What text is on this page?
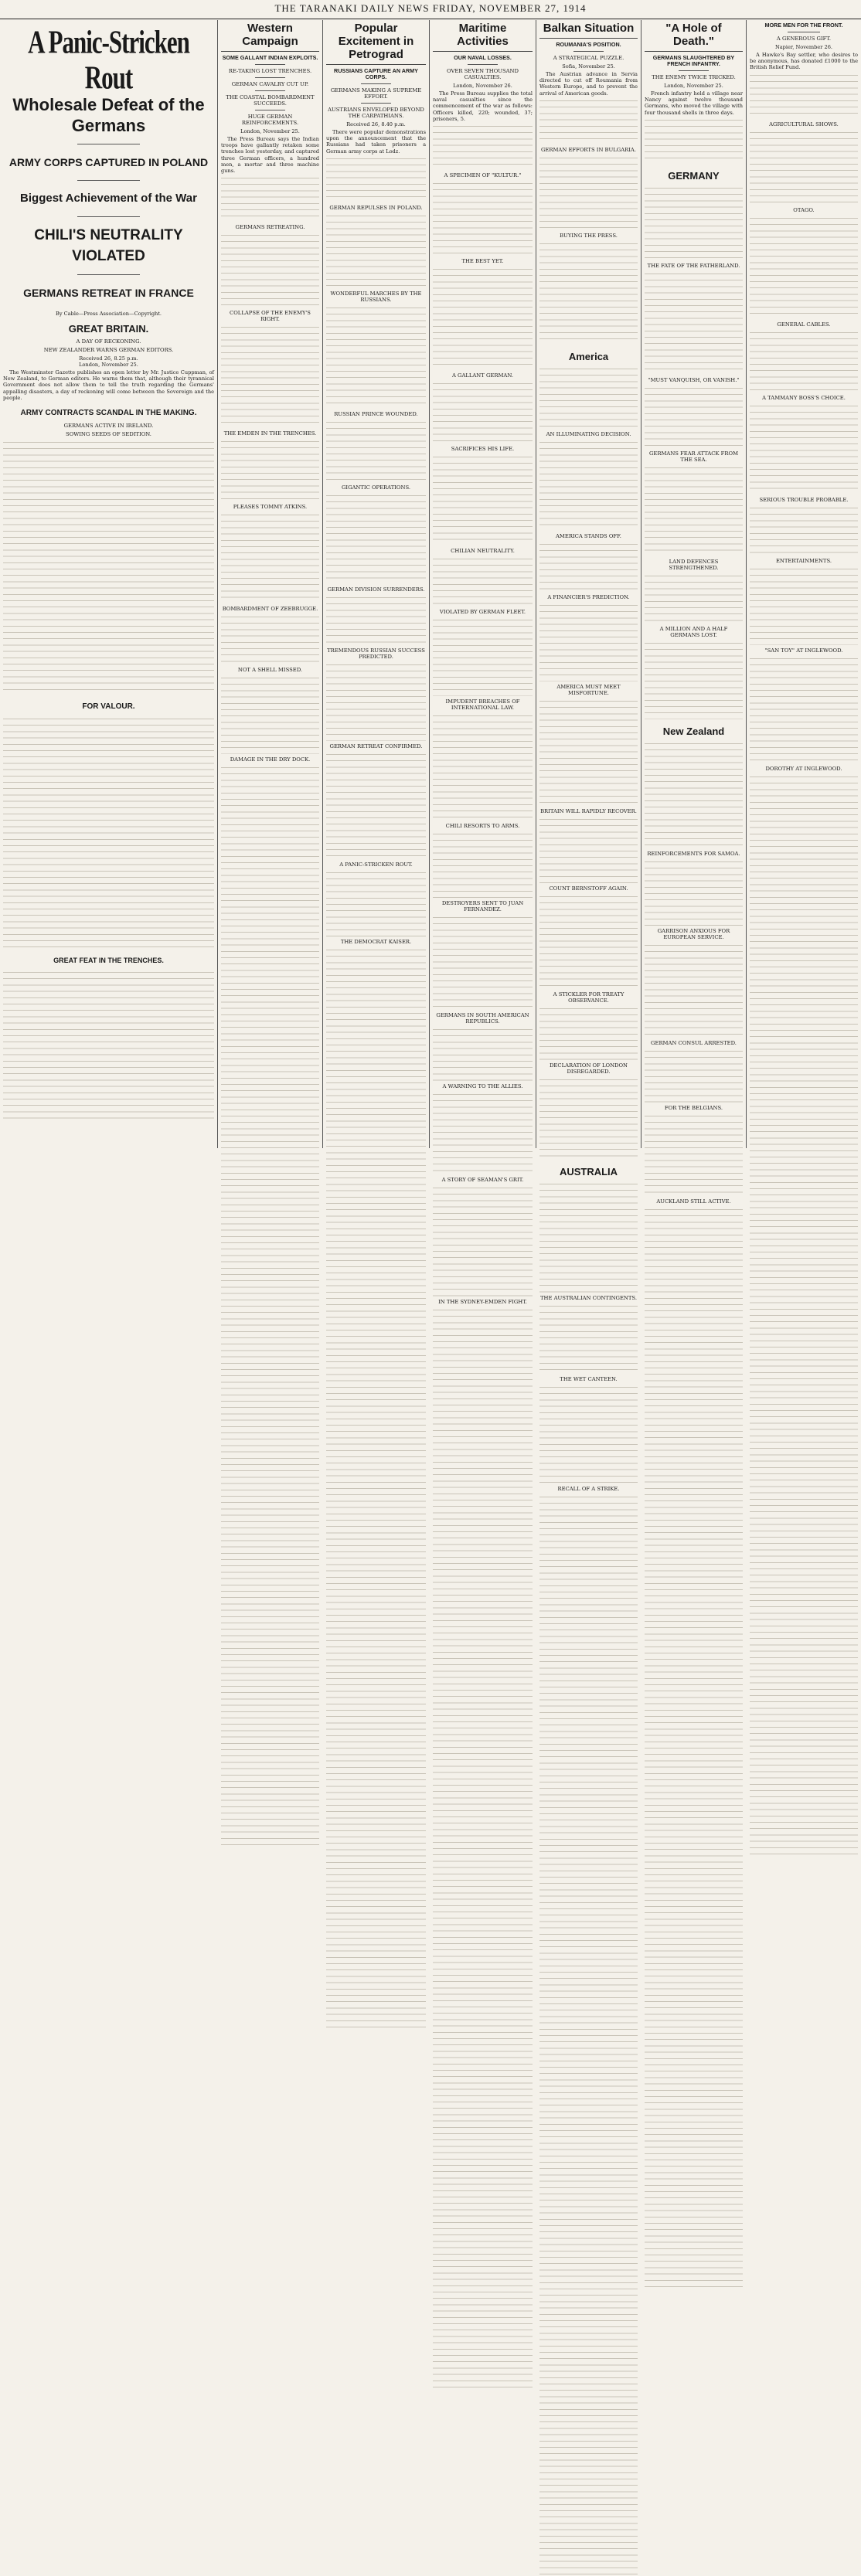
THE TARANAKI DAILY NEWS FRIDAY, NOVEMBER 27, 1914
A Panic-Stricken Rout
Wholesale Defeat of the Germans
ARMY CORPS CAPTURED IN POLAND
Biggest Achievement of the War
CHILI'S NEUTRALITY VIOLATED
GERMANS RETREAT IN FRANCE
By Cable—Press Association—Copyright.
GREAT BRITAIN.
A DAY OF RECKONING.
NEW ZEALANDER WARNS GERMAN EDITORS.
Received 26, 8.25 p.m.
London, November 25.
The Westminster Gazette publishes an open letter by Mr. Justice Cuppman, of New Zealand, to German editors. He warns them that, although their tyrannical Government does not allow them to tell the truth regarding the Germans' appalling disasters, a day of reckoning will come between the Sovereign and the people.
ARMY CONTRACTS SCANDAL IN THE MAKING.
GERMANS ACTIVE IN IRELAND.
SOWING SEEDS OF SEDITION.
FOR VALOUR.
GREAT FEAT IN THE TRENCHES.
Western Campaign
SOME GALLANT INDIAN EXPLOITS.
RE-TAKING LOST TRENCHES.
GERMAN CAVALRY CUT UP.
THE COASTAL BOMBARDMENT SUCCEEDS.
HUGE GERMAN REINFORCEMENTS.
London, November 25.
The Press Bureau says the Indian troops have gallantly retaken some trenches lost yesterday, and captured three German officers, a hundred men, a mortar and three machine guns.
GERMANS RETREATING.
COLLAPSE OF THE ENEMY'S RIGHT.
THE EMDEN IN THE TRENCHES.
PLEASES TOMMY ATKINS.
BOMBARDMENT OF ZEEBRUGGE.
NOT A SHELL MISSED.
DAMAGE IN THE DRY DOCK.
Popular Excitement in Petrograd
RUSSIANS CAPTURE AN ARMY CORPS.
GERMANS MAKING A SUPREME EFFORT.
AUSTRIANS ENVELOPED BEYOND THE CARPATHIANS.
Received 26, 8.40 p.m.
There were popular demonstrations upon the announcement that the Russians had taken prisoners a German army corps at Lodz.
GERMAN REPULSES IN POLAND.
WONDERFUL MARCHES BY THE RUSSIANS.
RUSSIAN PRINCE WOUNDED.
GIGANTIC OPERATIONS.
GERMAN DIVISION SURRENDERS.
TREMENDOUS RUSSIAN SUCCESS PREDICTED.
GERMAN RETREAT CONFIRMED.
A PANIC-STRICKEN ROUT.
THE DEMOCRAT KAISER.
Maritime Activities
OUR NAVAL LOSSES.
OVER SEVEN THOUSAND CASUALTIES.
London, November 26.
The Press Bureau supplies the total naval casualties since the commencement of the war as follows: Officers killed, 220; wounded, 37; prisoners, 5.
A SPECIMEN OF "KULTUR."
THE BEST YET.
A GALLANT GERMAN.
SACRIFICES HIS LIFE.
CHILIAN NEUTRALITY.
VIOLATED BY GERMAN FLEET.
IMPUDENT BREACHES OF INTERNATIONAL LAW.
CHILI RESORTS TO ARMS.
DESTROYERS SENT TO JUAN FERNANDEZ.
GERMANS IN SOUTH AMERICAN REPUBLICS.
A WARNING TO THE ALLIES.
A STORY OF SEAMAN'S GRIT.
IN THE SYDNEY-EMDEN FIGHT.
Balkan Situation
ROUMANIA'S POSITION.
A STRATEGICAL PUZZLE.
Sofia, November 25.
The Austrian advance in Servia directed to cut off Roumania from Western Europe, and to prevent the arrival of American goods.
GERMAN EFFORTS IN BULGARIA.
BUYING THE PRESS.
America
AN ILLUMINATING DECISION.
AMERICA STANDS OFF.
A FINANCIER'S PREDICTION.
AMERICA MUST MEET MISFORTUNE.
BRITAIN WILL RAPIDLY RECOVER.
COUNT BERNSTOFF AGAIN.
A STICKLER FOR TREATY OBSERVANCE.
DECLARATION OF LONDON DISREGARDED.
AUSTRALIA
THE AUSTRALIAN CONTINGENTS.
THE WET CANTEEN.
RECALL OF A STRIKE.
"A Hole of Death."
GERMANS SLAUGHTERED BY FRENCH INFANTRY.
THE ENEMY TWICE TRICKED.
London, November 25.
French infantry held a village near Nancy against twelve thousand Germans, who moved the village with four thousand shells in three days.
GERMANY
THE FATE OF THE FATHERLAND.
"MUST VANQUISH, OR VANISH."
GERMANS FEAR ATTACK FROM THE SEA.
LAND DEFENCES STRENGTHENED.
A MILLION AND A HALF GERMANS LOST.
New Zealand
REINFORCEMENTS FOR SAMOA.
GARRISON ANXIOUS FOR EUROPEAN SERVICE.
GERMAN CONSUL ARRESTED.
FOR THE BELGIANS.
AUCKLAND STILL ACTIVE.
MORE MEN FOR THE FRONT.
A GENEROUS GIFT.
Napier, November 26.
A Hawke's Bay settler, who desires to be anonymous, has donated £1000 to the British Relief Fund.
AGRICULTURAL SHOWS.
OTAGO.
GENERAL CABLES.
A TAMMANY BOSS'S CHOICE.
SERIOUS TROUBLE PROBABLE.
ENTERTAINMENTS.
"SAN TOY" AT INGLEWOOD.
DOROTHY AT INGLEWOOD.
